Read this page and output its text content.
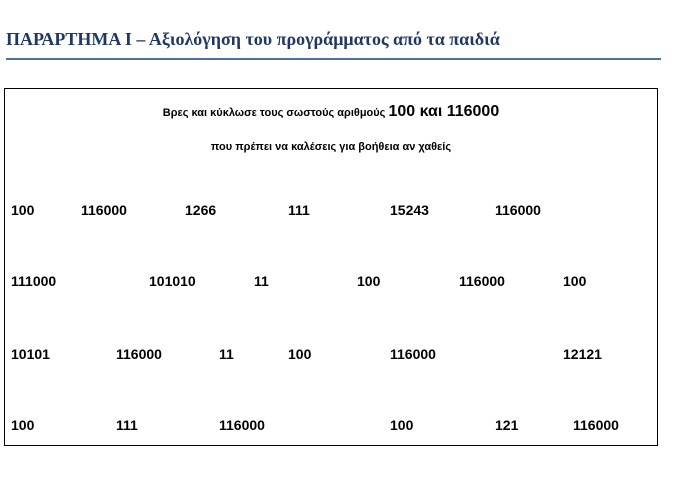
ΠΑΡΑΡΤΗΜΑ Ι – Αξιολόγηση του προγράμματος από τα παιδιά
Βρες και κύκλωσε τους σωστούς αριθμούς 100 και 116000
που πρέπει να καλέσεις για βοήθεια αν χαθείς
100	116000	1266	111	15243	116000
111000	101010	11	100	116000	100
10101	116000	11	100	116000	12121
100	111	116000	100	121	116000
